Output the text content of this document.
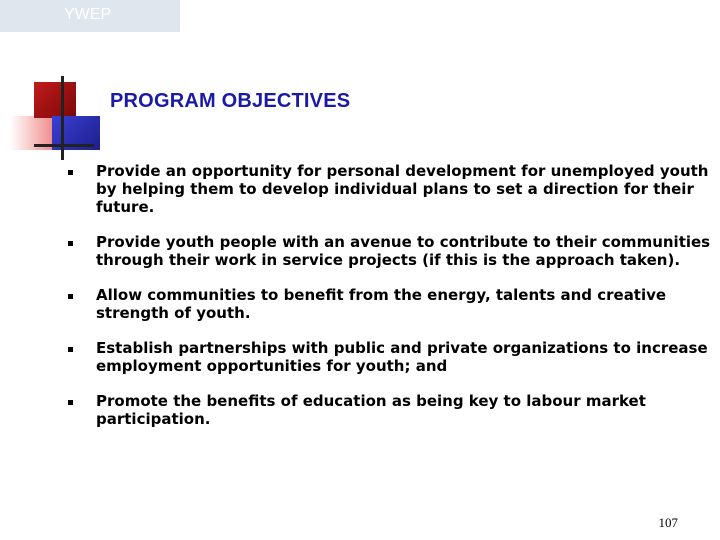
YWEP
PROGRAM OBJECTIVES
Provide an opportunity for personal development for unemployed youth by helping them to develop individual plans to set a direction for their future.
Provide youth people with an avenue to contribute to their communities through their work in service projects (if this is the approach taken).
Allow communities to benefit from the energy, talents and creative strength of youth.
Establish partnerships with public and private organizations to increase employment opportunities for youth; and
Promote the benefits of education as being key to labour market participation.
107
